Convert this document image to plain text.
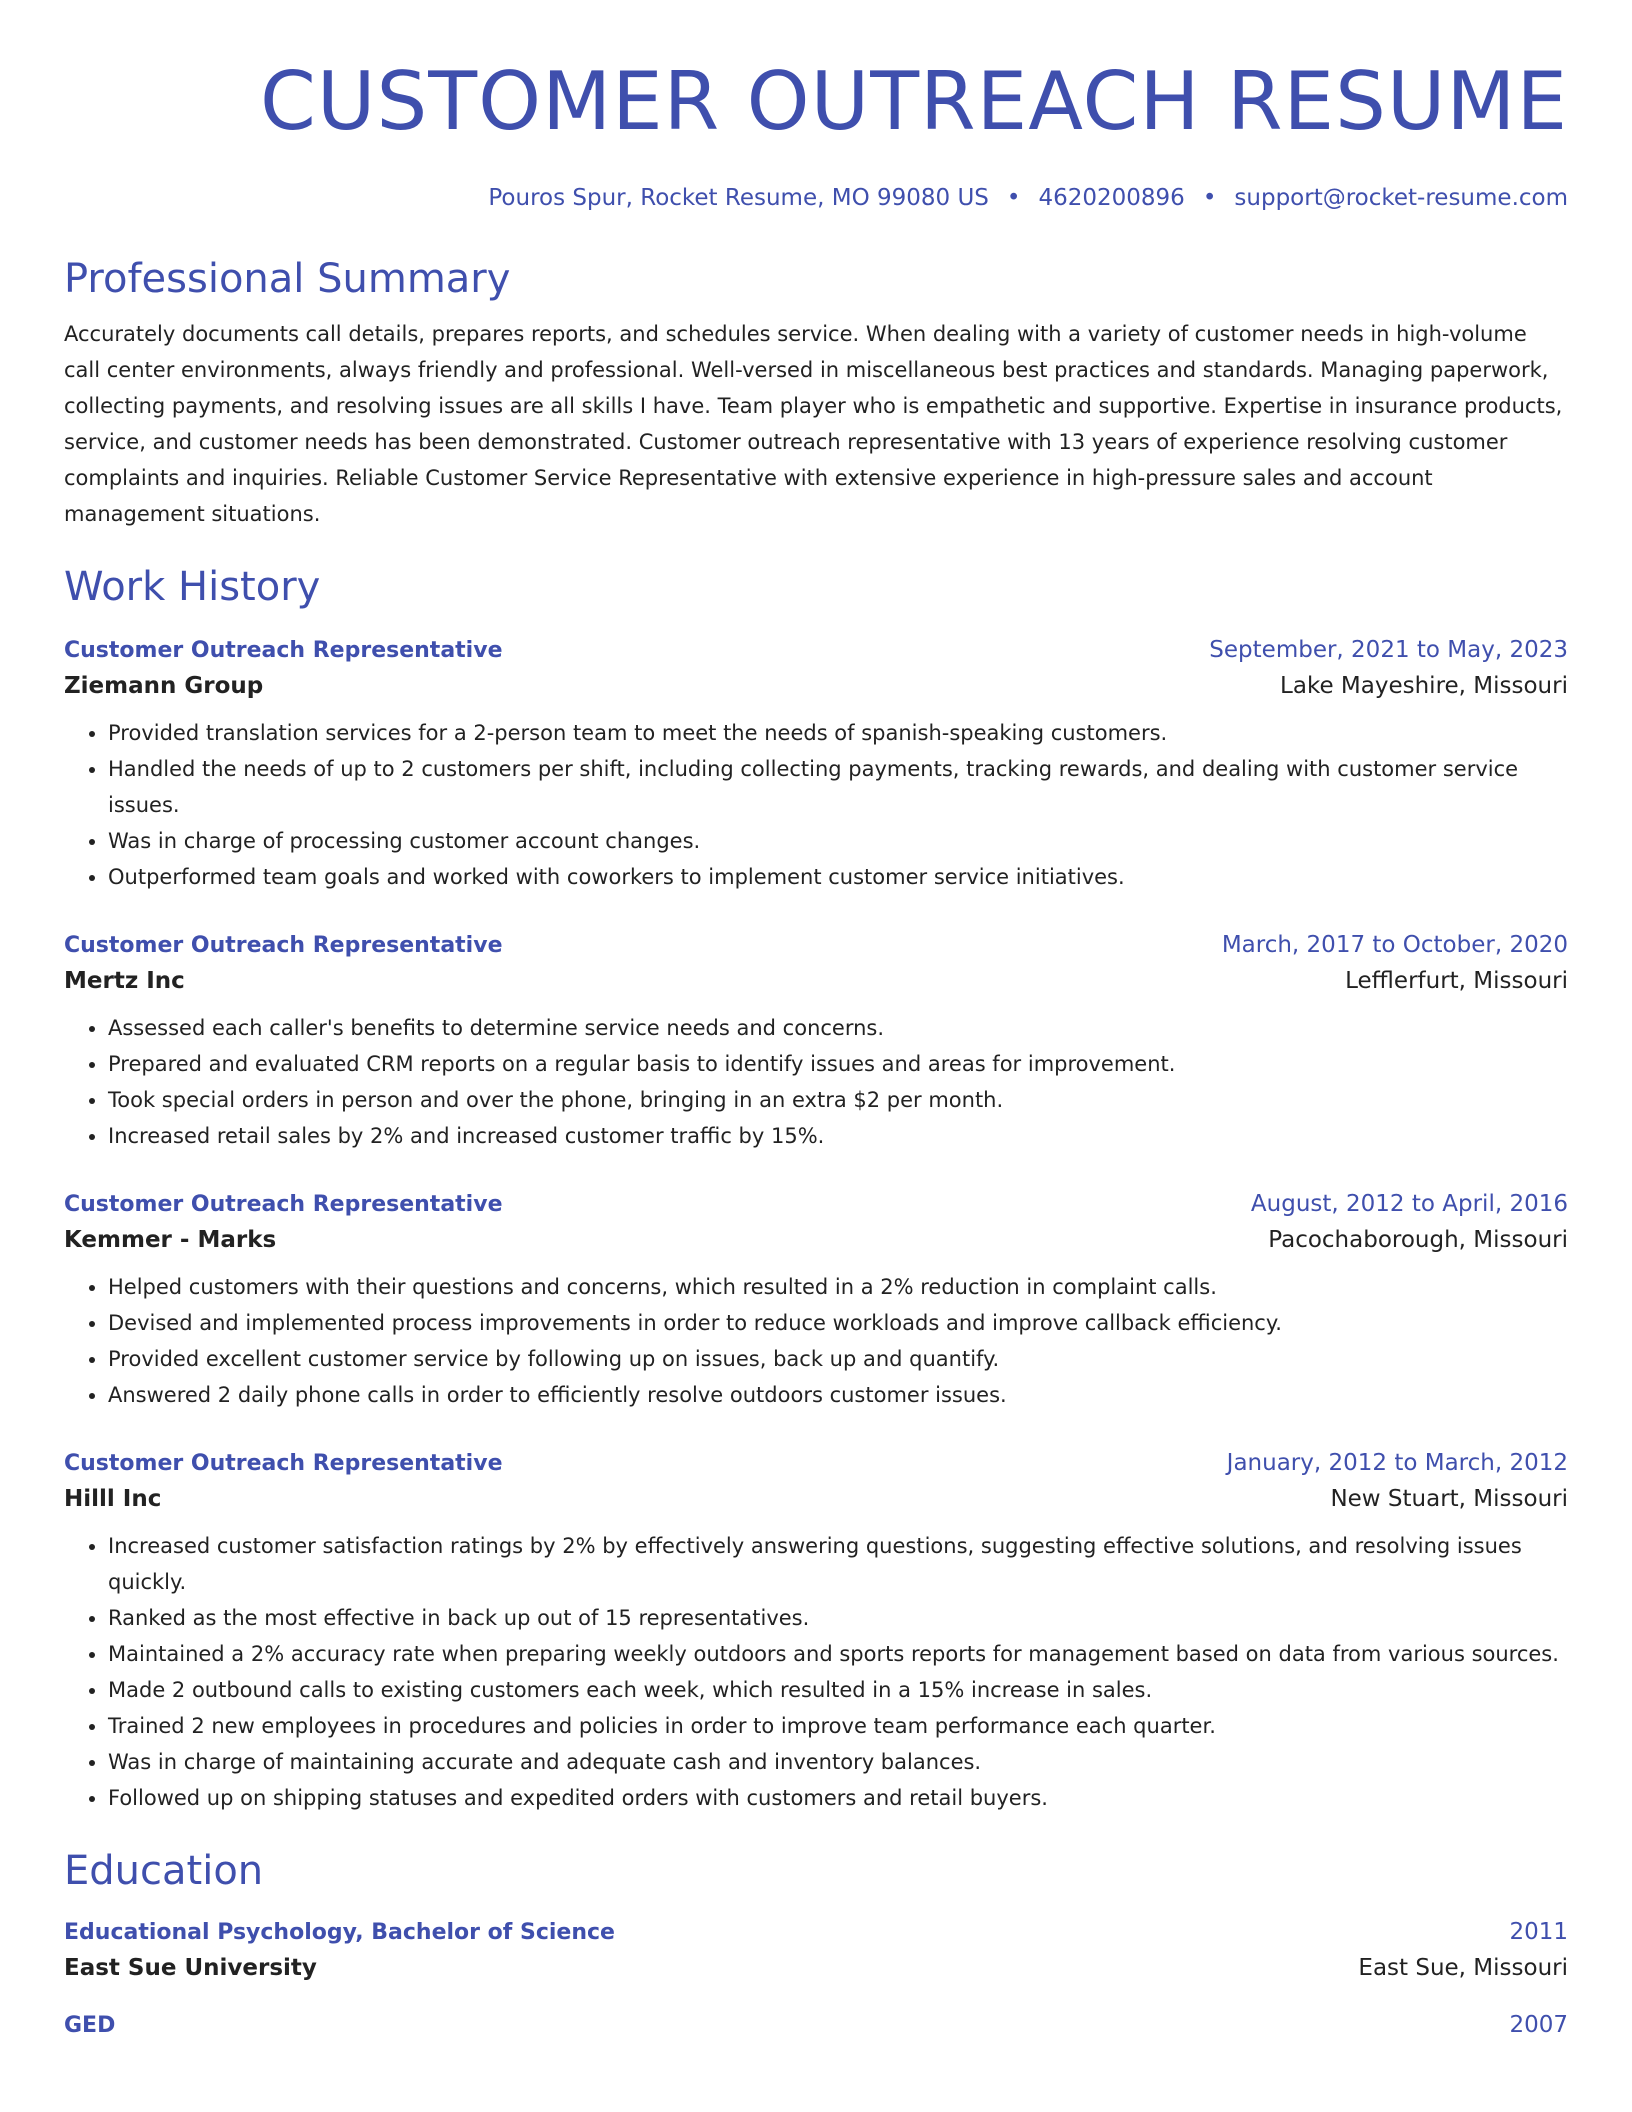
CUSTOMER OUTREACH RESUME
Pouros Spur, Rocket Resume, MO 99080 US • 4620200896 • support@rocket-resume.com
Professional Summary
Accurately documents call details, prepares reports, and schedules service. When dealing with a variety of customer needs in high-volume call center environments, always friendly and professional. Well-versed in miscellaneous best practices and standards. Managing paperwork, collecting payments, and resolving issues are all skills I have. Team player who is empathetic and supportive. Expertise in insurance products, service, and customer needs has been demonstrated. Customer outreach representative with 13 years of experience resolving customer complaints and inquiries. Reliable Customer Service Representative with extensive experience in high-pressure sales and account management situations.
Work History
Customer Outreach Representative	September, 2021 to May, 2023
Ziemann Group	Lake Mayeshire, Missouri
• Provided translation services for a 2-person team to meet the needs of spanish-speaking customers.
• Handled the needs of up to 2 customers per shift, including collecting payments, tracking rewards, and dealing with customer service issues.
• Was in charge of processing customer account changes.
• Outperformed team goals and worked with coworkers to implement customer service initiatives.
Customer Outreach Representative	March, 2017 to October, 2020
Mertz Inc	Lefflerfurt, Missouri
• Assessed each caller's benefits to determine service needs and concerns.
• Prepared and evaluated CRM reports on a regular basis to identify issues and areas for improvement.
• Took special orders in person and over the phone, bringing in an extra $2 per month.
• Increased retail sales by 2% and increased customer traffic by 15%.
Customer Outreach Representative	August, 2012 to April, 2016
Kemmer - Marks	Pacochaborough, Missouri
• Helped customers with their questions and concerns, which resulted in a 2% reduction in complaint calls.
• Devised and implemented process improvements in order to reduce workloads and improve callback efficiency.
• Provided excellent customer service by following up on issues, back up and quantify.
• Answered 2 daily phone calls in order to efficiently resolve outdoors customer issues.
Customer Outreach Representative	January, 2012 to March, 2012
Hilll Inc	New Stuart, Missouri
• Increased customer satisfaction ratings by 2% by effectively answering questions, suggesting effective solutions, and resolving issues quickly.
• Ranked as the most effective in back up out of 15 representatives.
• Maintained a 2% accuracy rate when preparing weekly outdoors and sports reports for management based on data from various sources.
• Made 2 outbound calls to existing customers each week, which resulted in a 15% increase in sales.
• Trained 2 new employees in procedures and policies in order to improve team performance each quarter.
• Was in charge of maintaining accurate and adequate cash and inventory balances.
• Followed up on shipping statuses and expedited orders with customers and retail buyers.
Education
Educational Psychology, Bachelor of Science	2011
East Sue University	East Sue, Missouri
GED	2007
